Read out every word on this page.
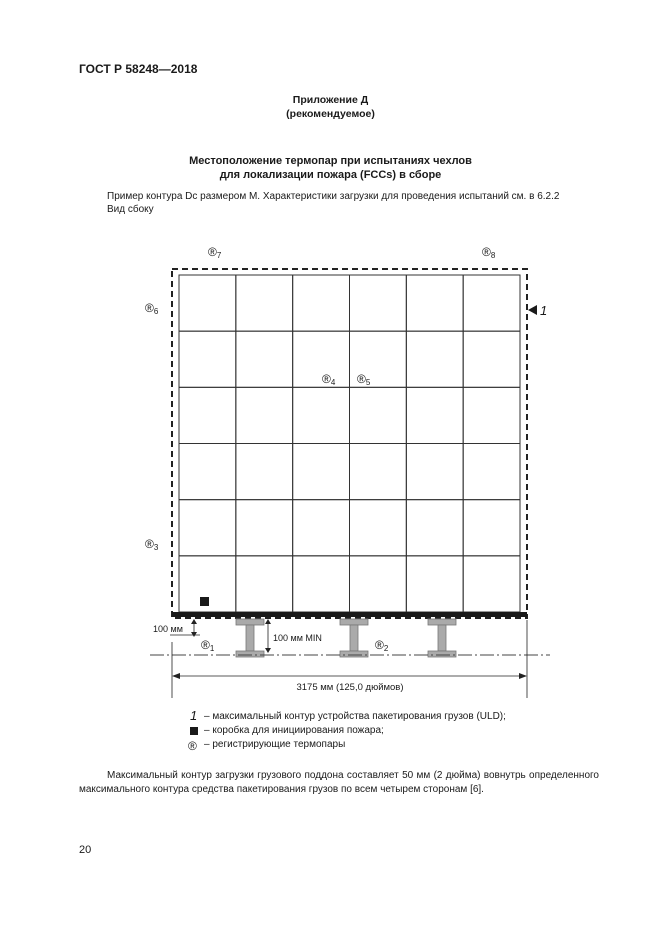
ГОСТ Р 58248—2018
Приложение Д
(рекомендуемое)
Местоположение термопар при испытаниях чехлов
для локализации пожара (FCCs) в сборе
Пример контура Dc размером M. Характеристики загрузки для проведения испытаний см. в 6.2.2
Вид сбоку
100 мм
100 мм MIN
3175 мм (125,0 дюймов)
1
®1	®2
®3
®4 ®5
®6
®7	®8
1
®
– максимальный контур устройства пакетирования грузов (ULD);
– коробка для инициирования пожара;
– регистрирующие термопары
Максимальный контур загрузки грузового поддона составляет 50 мм (2 дюйма) вовнутрь определенного максимального контура средства пакетирования грузов по всем четырем сторонам [6].
20
